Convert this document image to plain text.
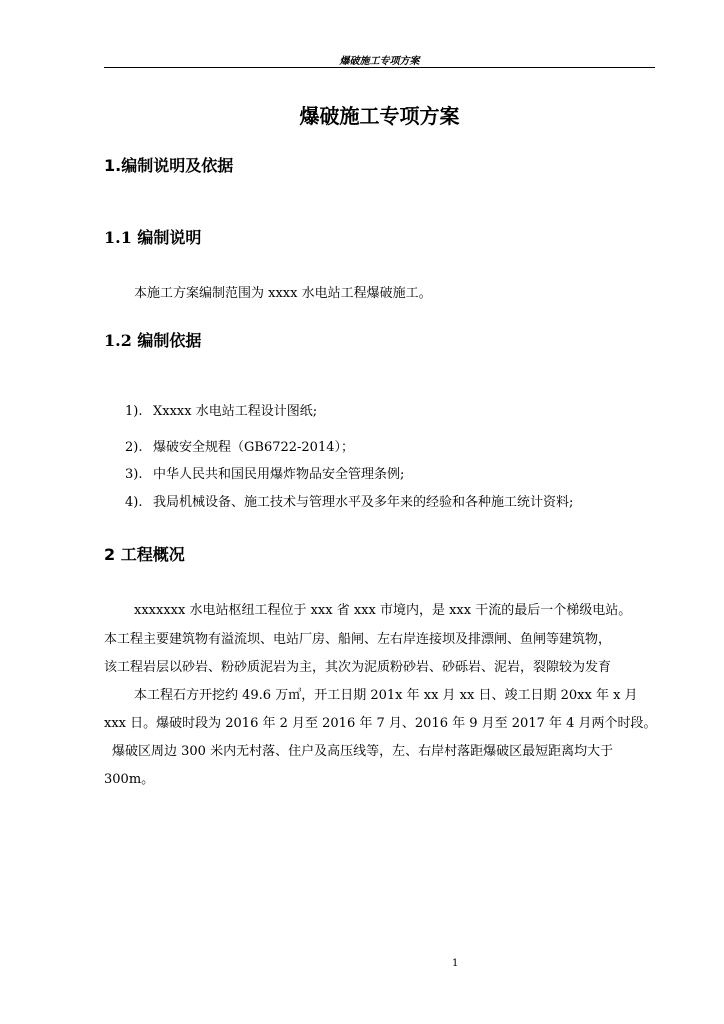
爆破施工专项方案
爆破施工专项方案
1.编制说明及依据
1.1 编制说明
本施工方案编制范围为 xxxx 水电站工程爆破施工。
1.2 编制依据
1). Xxxxx 水电站工程设计图纸;
2). 爆破安全规程（GB6722-2014）；
3). 中华人民共和国民用爆炸物品安全管理条例;
4). 我局机械设备、施工技术与管理水平及多年来的经验和各种施工统计资料;
2 工程概况
xxxxxxx 水电站枢纽工程位于 xxx 省 xxx 市境内，是 xxx 干流的最后一个梯级电站。
本工程主要建筑物有溢流坝、电站厂房、船闸、左右岸连接坝及排漂闸、鱼闸等建筑物，
该工程岩层以砂岩、粉砂质泥岩为主，其次为泥质粉砂岩、砂砾岩、泥岩，裂隙较为发育
本工程石方开挖约 49.6 万㎥，开工日期 201x 年 xx 月 xx 日、竣工日期 20xx 年 x 月
xxx 日。爆破时段为 2016 年 2 月至 2016 年 7 月、2016 年 9 月至 2017 年 4 月两个时段。
爆破区周边 300 米内无村落、住户及高压线等，左、右岸村落距爆破区最短距离均大于
300m。
1
